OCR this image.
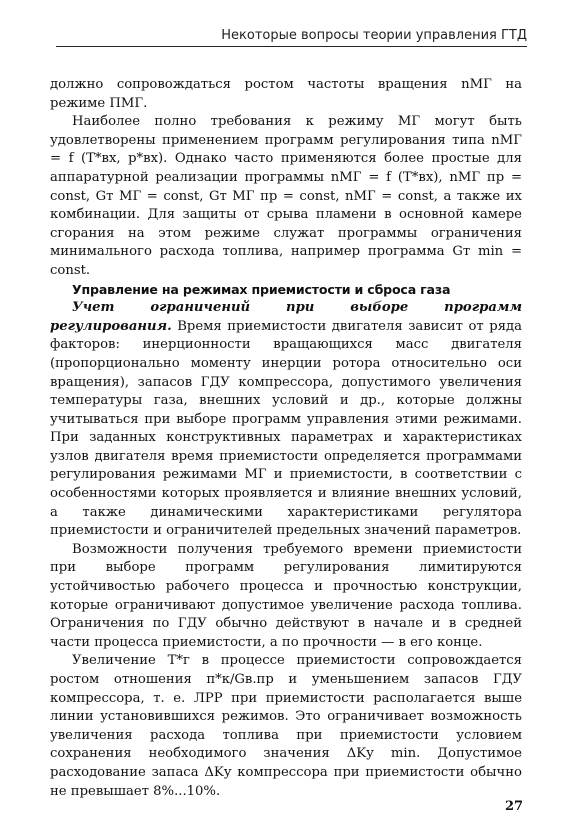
Некоторые вопросы теории управления ГТД

должно сопровождаться ростом частоты вращения nМГ на режиме ПМГ.

Наиболее полно требования к режиму МГ могут быть удовлетворены применением программ регулирования типа nМГ = f (T*вх, p*вх). Однако часто применяются более простые для аппаратурной реализации программы nМГ = f (T*вх), nМГ пр = const, Gт МГ = const, Gт МГ пр = const, nМГ = const, а также их комбинации. Для защиты от срыва пламени в основной камере сгорания на этом режиме служат программы ограничения минимального расхода топлива, например программа Gт min = const.

Управление на режимах приемистости и сброса газа

Учет ограничений при выборе программ регулирования. Время приемистости двигателя зависит от ряда факторов: инерционности вращающихся масс двигателя (пропорционально моменту инерции ротора относительно оси вращения), запасов ГДУ компрессора, допустимого увеличения температуры газа, внешних условий и др., которые должны учитываться при выборе программ управления этими режимами. При заданных конструктивных параметрах и характеристиках узлов двигателя время приемистости определяется программами регулирования режимами МГ и приемистости, в соответствии с особенностями которых проявляется и влияние внешних условий, а также динамическими характеристиками регулятора приемистости и ограничителей предельных значений параметров.

Возможности получения требуемого времени приемистости при выборе программ регулирования лимитируются устойчивостью рабочего процесса и прочностью конструкции, которые ограничивают допустимое увеличение расхода топлива. Ограничения по ГДУ обычно действуют в начале и в средней части процесса приемистости, а по прочности — в его конце.

Увеличение T*г в процессе приемистости сопровождается ростом отношения π*к/Gв.пр и уменьшением запасов ГДУ компрессора, т. е. ЛРР при приемистости располагается выше линии установившихся режимов. Это ограничивает возможность увеличения расхода топлива при приемистости условием сохранения необходимого значения ΔKу min. Допустимое расходование запаса ΔKу компрессора при приемистости обычно не превышает 8%...10%.

27
